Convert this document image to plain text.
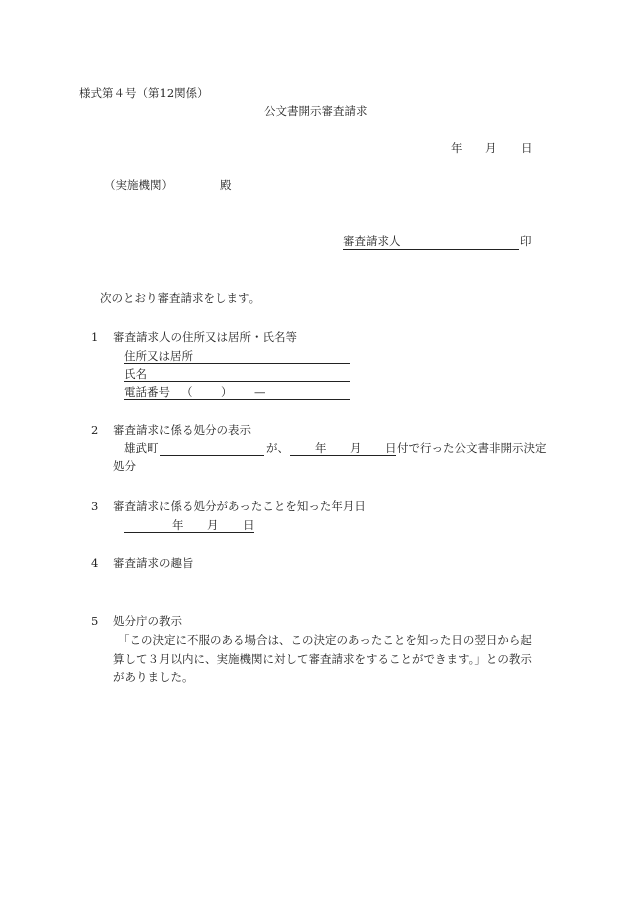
様式第４号（第12関係）
公文書開示審査請求
年 月 日
（実施機関）	殿
審査請求人	印
次のとおり審査請求をします。
1 審査請求人の住所又は居所・氏名等
住所又は居所
氏名
電話番号 （ ） —
2 審査請求に係る処分の表示
雄武町	が、 年 月 日 付で行った公文書非開示決定
処分
3 審査請求に係る処分があったことを知った年月日
年 月 日
4 審査請求の趣旨
5 処分庁の教示
「この決定に不服のある場合は、この決定のあったことを知った日の翌日から起
算して３月以内に、実施機関に対して審査請求をすることができます。」との教示
がありました。
